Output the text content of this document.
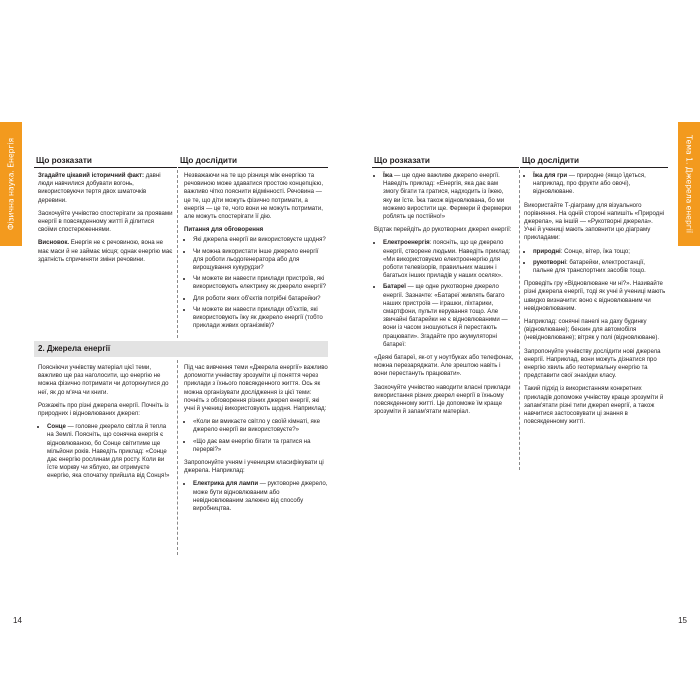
Фізична наука. Енергія	Тема 1. Джерела енергії
14	15
Що розказати	Що дослідити

Згадайте цікавий історичний факт: давні люди навчилися добувати вогонь, використовуючи тертя двох шматочків деревини.

Заохочуйте учнівство спостерігати за проявами енергії в повсякденному житті й ділитися своїми спостереженнями.

Висновок. Енергія не є речовиною, вона не має маси й не займає місця; однак енергію має здатність спричиняти зміни речовини.

Незважаючи на те що різниця між енергією та речовиною може здаватися простою концепцією, важливо чітко пояснити відмінності. Речовина — це те, що діти можуть фізично потримати, а енергія — це те, чого вони не можуть потримати, але можуть спостерігати її дію.

Питання для обговорення
• Які джерела енергії ви використовуєте щодня?
• Чи можна використати інше джерело енергії для роботи льодогенератора або для вирощування кукурудзи?
• Чи можете ви навести приклади пристроїв, які використовують електрику як джерело енергії?
• Для роботи яких об'єктів потрібні батарейки?
• Чи можете ви навести приклади об'єктів, які використовують їжу як джерело енергії (тобто приклади живих організмів)?
2. Джерела енергії

Поясніючи учнівству матеріал цієї теми, важливо ще раз наголосити, що енергію не можна фізично потримати чи доторкнутися до неї, як до м'яча чи книги.

Розкажіть про різні джерела енергії. Почніть із природних і відновлюваних джерел:

• Сонце — головне джерело світла й тепла на Землі. Поясніть, що сонячна енергія є відновлюваною, бо Сонце світитиме ще мільйони років. Наведіть приклад: «Сонце дає енергію рослинам для росту. Коли ви їсте моркву чи яблуко, ви отримуєте енергію, яка спочатку прийшла від Сонця!»

Під час вивчення теми «Джерела енергії» важливо допомогти учнівству зрозуміти ці поняття через приклади з їхнього повсякденного життя. Ось як можна організувати дослідження із цієї теми: почніть з обговорення різних джерел енергії, які учні й учениці використовують щодня. Наприклад:

• «Коли ви вмикаєте світло у своїй кімнаті, яке джерело енергії ви використовуєте?»
• «Що дає вам енергію бігати та гратися на перерві?»

Запропонуйте учням і ученицям класифікувати ці джерела. Наприклад:

• Електрика для лампи — руктоворне джерело, може бути відновлюваним або невідновлюваним залежно від способу виробництва.
Що розказати	Що дослідити
• Їжа — ще одне важливе джерело енергії. Наведіть приклад: «Енергія, яка дає вам змогу бігати та гратися, надходить із їжею, яку ви їсте. Їжа також відновлювана, бо ми можемо виростити ще. Фермери й фермерки роблять це постійно!»

Відтак перейдіть до рукотворних джерел енергії:

• Електроенергія: поясніть, що це джерело енергії, створене людьми. Наведіть приклад: «Ми використовуємо електроенергію для роботи телевізорів, правильних машин і багатьох інших приладів у наших оселях».
• Батареї — ще одне рукотворне джерело енергії. Зазначте: «Батареї живлять багато наших пристроїв — іграшки, ліхтарики, смартфони, пульти керування тощо. Але звичайні батарейки не є відновлюваними — вони із часом зношуються й перестають працювати». Згадайте про акумуляторні батареї:

«Деякі батареї, як-от у ноутбуках або телефонах, можна перезаряджати. Але зрештою навіть і вони перестануть працювати».

Заохочуйте учнівство наводити власні приклади використання різних джерел енергії в їхньому повсякденному житті. Це допоможе їм краще зрозуміти й запам'ятати матеріал.

• Їжа для гри — природне (якщо їдеться, наприклад, про фрукти або овочі), відновлюване.

Використайте Т-діаграму для візуального порівняння. На одній стороні напишіть «Природні джерела», на іншій — «Рукотворні джерела». Учні й учениці мають заповнити цю діаграму прикладами:

• природні: Сонце, вітер, їжа тощо;
• рукотворні: батарейки, електростанції, пальне для транспортних засобів тощо.

Проведіть гру «Відновлюване чи ні?». Називайте різні джерела енергії, тоді як учні й учениці мають швидко визначити: воно є відновлюваним чи невідновлюваним.

Наприклад: сонячні панелі на даху будинку (відновлюване); бензин для автомобіля (невідновлюване); вітряк у полі (відновлюване).

Запропонуйте учнівству дослідити нові джерела енергії. Наприклад, вони можуть дізнатися про енергію хвиль або геотермальну енергію та представити свої знахідки класу.

Такий підхід із використанням конкретних прикладів допоможе учнівству краще зрозуміти й запам'ятати різні типи джерел енергії, а також навчитися застосовувати ці знання в повсякденному житті.
